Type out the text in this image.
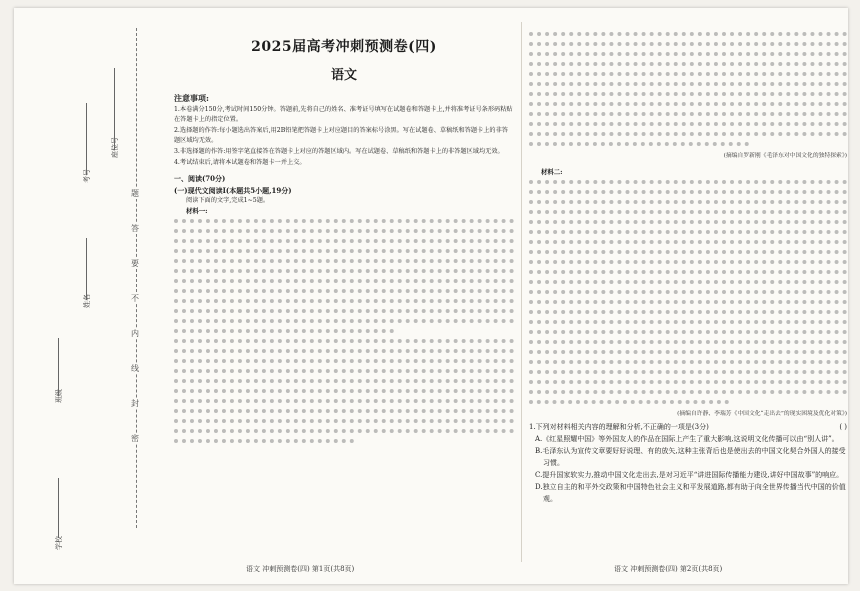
学校
班级
姓名
考号
座位号
题
答
要
不
内
线
封
密
2025届高考冲刺预测卷(四)
语文
注意事项:
1.本卷满分150分,考试时间150分钟。答题前,先将自己的姓名、准考证号填写在试题卷和答题卡上,并将准考证号条形码粘贴在答题卡上的指定位置。
2.选择题的作答:每小题选出答案后,用2B铅笔把答题卡上对应题目的答案标号涂黑。写在试题卷、草稿纸和答题卡上的非答题区域均无效。
3.非选择题的作答:用签字笔直接答在答题卡上对应的答题区域内。写在试题卷、草稿纸和答题卡上的非答题区域均无效。
4.考试结束后,请将本试题卷和答题卡一并上交。
一、阅读(70分)
(一)现代文阅读Ⅰ(本题共5小题,19分)
阅读下面的文字,完成1~5题。
材料一:
语文 冲刺预测卷(四) 第1页(共8页)
(摘编自罗新刚《毛泽东对中国文化的独特探索》)
材料二:
(摘编自许静、李瑞芳《中国文化“走出去”的现实困境及优化对策》)
1.下列对材料相关内容的理解和分析,不正确的一项是(3分)	( )
A.《红星照耀中国》等外国友人的作品在国际上产生了重大影响,这说明文化传播可以由“别人讲”。
B.毛泽东认为宣传文章要好好说理、有的放矢,这种主张背后也是使出去的中国文化契合外国人的接受习惯。
C.提升国家软实力,推动中国文化走出去,是对习近平“讲进国际传播能力建设,讲好中国故事”的响应。
D.独立自主的和平外交政策和中国特色社会主义和平发展道路,都有助于向全世界传播当代中国的价值观。
语文 冲刺预测卷(四) 第2页(共8页)
